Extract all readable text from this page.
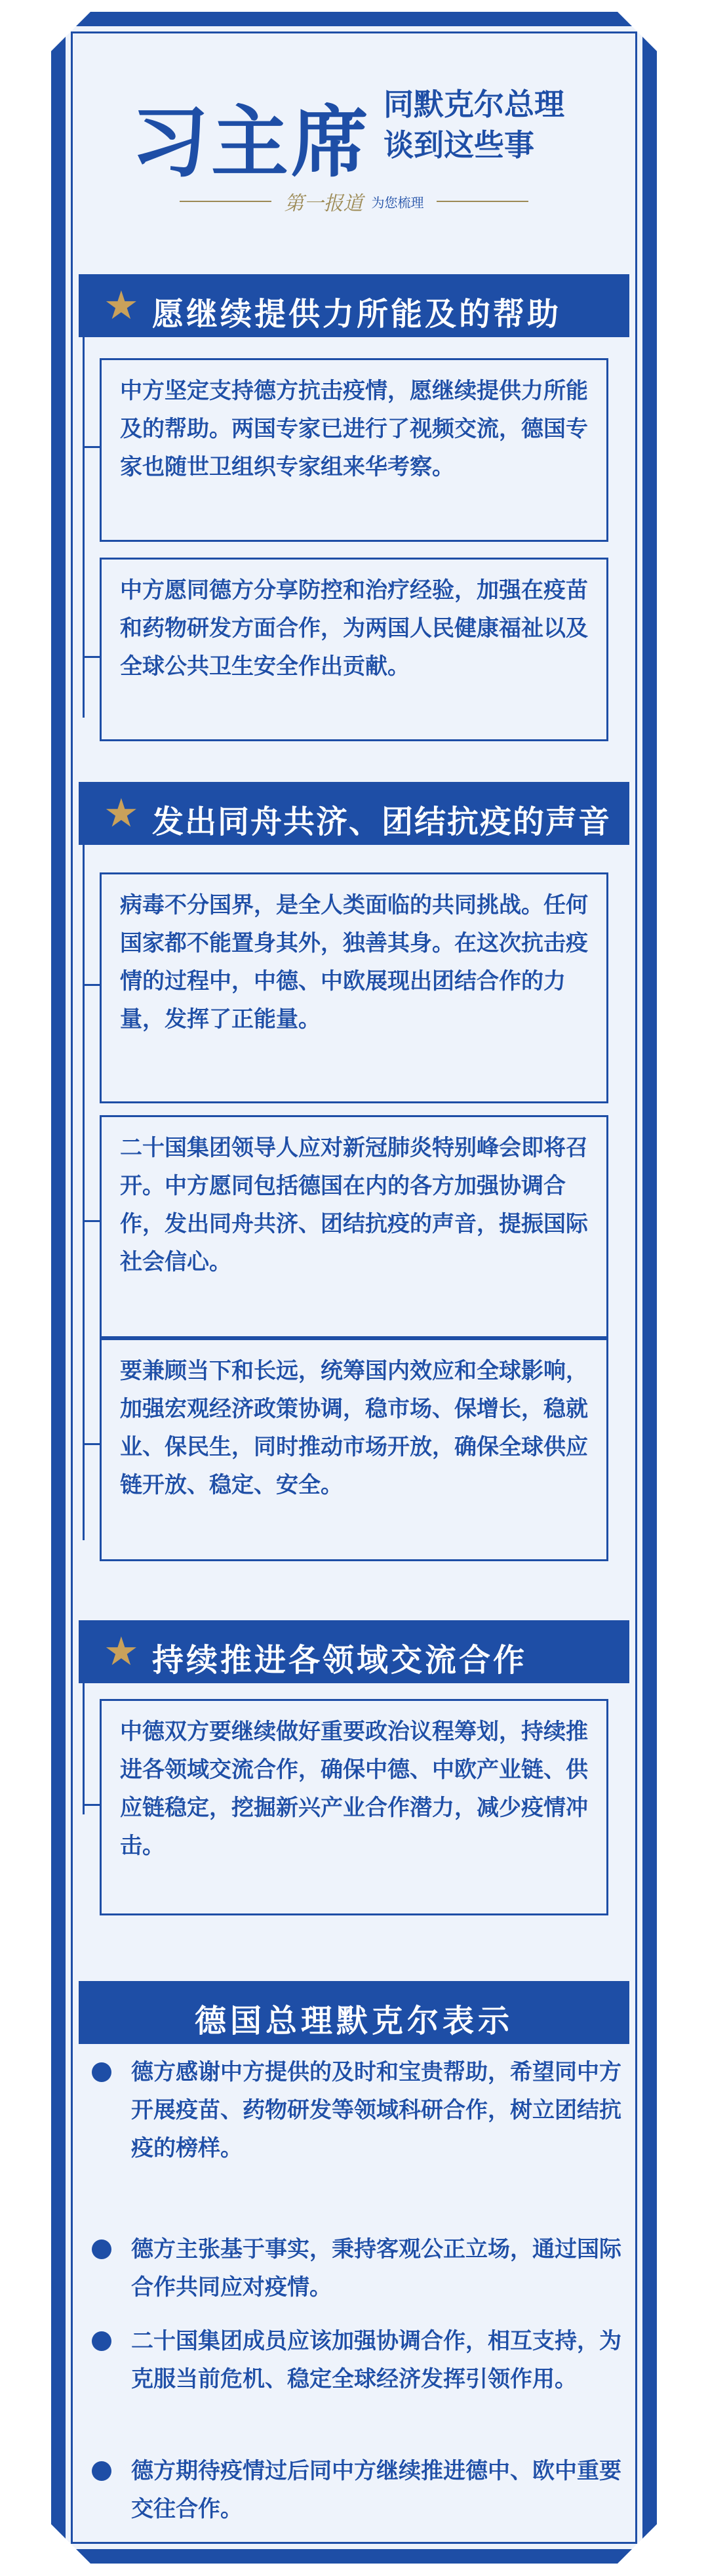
习主席 同默克尔总理
谈到这些事
第一报道 为您梳理
★ 愿继续提供力所能及的帮助
中方坚定支持德方抗击疫情，愿继续提供力所能及的帮助。两国专家已进行了视频交流，德国专家也随世卫组织专家组来华考察。
中方愿同德方分享防控和治疗经验，加强在疫苗和药物研发方面合作，为两国人民健康福祉以及全球公共卫生安全作出贡献。
★ 发出同舟共济、团结抗疫的声音
病毒不分国界，是全人类面临的共同挑战。任何国家都不能置身其外，独善其身。在这次抗击疫情的过程中，中德、中欧展现出团结合作的力量，发挥了正能量。
二十国集团领导人应对新冠肺炎特别峰会即将召开。中方愿同包括德国在内的各方加强协调合作，发出同舟共济、团结抗疫的声音，提振国际社会信心。
要兼顾当下和长远，统筹国内效应和全球影响，加强宏观经济政策协调，稳市场、保增长，稳就业、保民生，同时推动市场开放，确保全球供应链开放、稳定、安全。
★ 持续推进各领域交流合作
中德双方要继续做好重要政治议程筹划，持续推进各领域交流合作，确保中德、中欧产业链、供应链稳定，挖掘新兴产业合作潜力，减少疫情冲击。
德国总理默克尔表示
德方感谢中方提供的及时和宝贵帮助，希望同中方开展疫苗、药物研发等领域科研合作，树立团结抗疫的榜样。
德方主张基于事实，秉持客观公正立场，通过国际合作共同应对疫情。
二十国集团成员应该加强协调合作，相互支持，为克服当前危机、稳定全球经济发挥引领作用。
德方期待疫情过后同中方继续推进德中、欧中重要交往合作。
